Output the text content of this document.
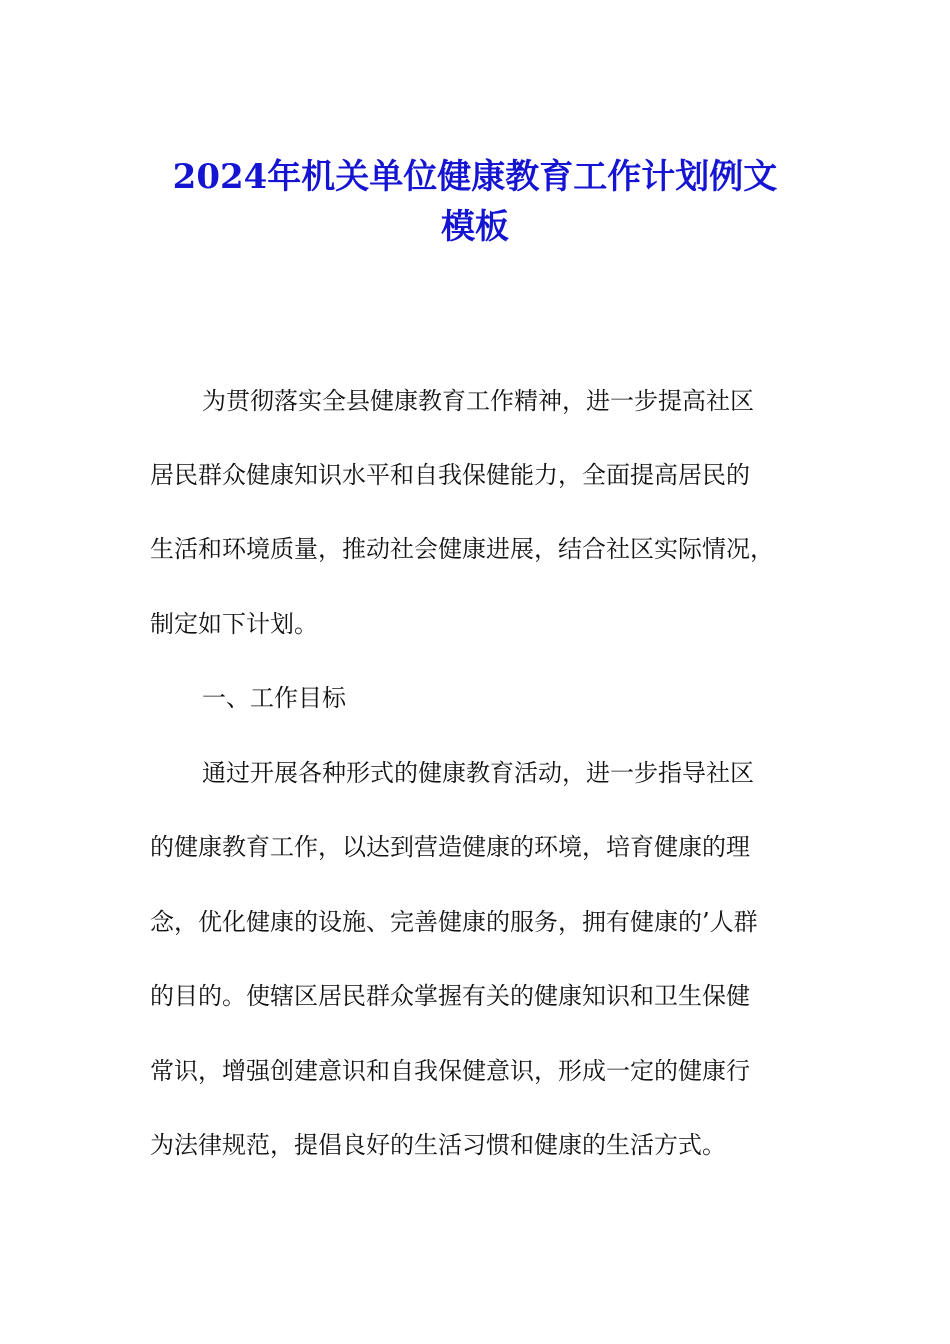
2024年机关单位健康教育工作计划例文
模板
为贯彻落实全县健康教育工作精神，进一步提高社区
居民群众健康知识水平和自我保健能力，全面提高居民的
生活和环境质量，推动社会健康进展，结合社区实际情况，
制定如下计划。
一、工作目标
通过开展各种形式的健康教育活动，进一步指导社区
的健康教育工作，以达到营造健康的环境，培育健康的理
念，优化健康的设施、完善健康的服务，拥有健康的’人群
的目的。使辖区居民群众掌握有关的健康知识和卫生保健
常识，增强创建意识和自我保健意识，形成一定的健康行
为法律规范，提倡良好的生活习惯和健康的生活方式。
